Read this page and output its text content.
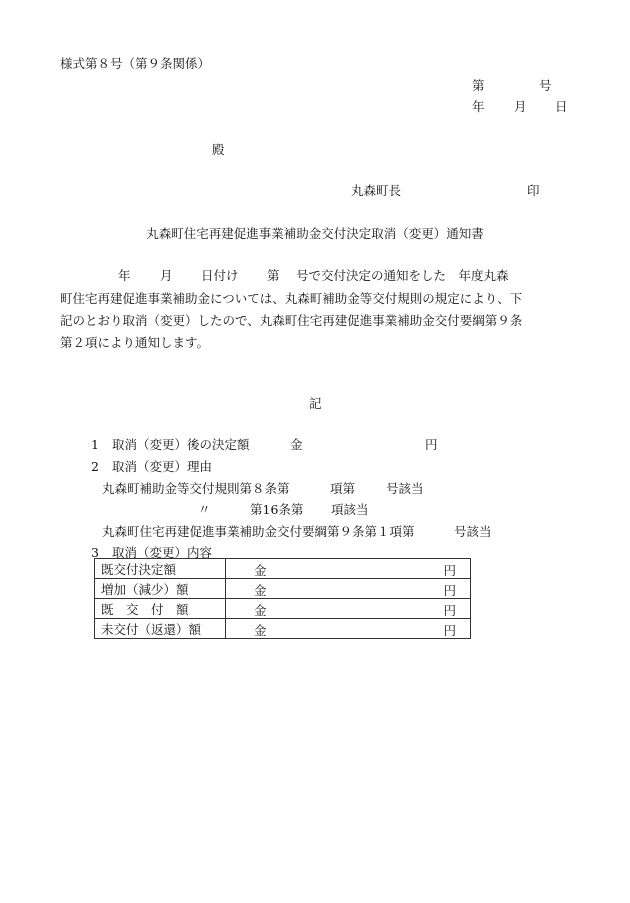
様式第８号（第９条関係）
第	号
年 月 日
殿
丸森町長	印
丸森町住宅再建促進事業補助金交付決定取消（変更）通知書
年 月 日付け 第 号で交付決定の通知をした　年度丸森
町住宅再建促進事業補助金については、丸森町補助金等交付規則の規定により、下
記のとおり取消（変更）したので、丸森町住宅再建促進事業補助金交付要綱第９条
第２項により通知します。
記
1 取消（変更）後の決定額	金	円
2 取消（変更）理由
丸森町補助金等交付規則第８条第	項第 号該当
〃	第16条第 項該当
丸森町住宅再建促進事業補助金交付要綱第９条第１項第	号該当
3 取消（変更）内容
既交付決定額	金 円

増加（減少）額	金 円

既　交　付　額	金 円

未交付（返還）額	金 円
